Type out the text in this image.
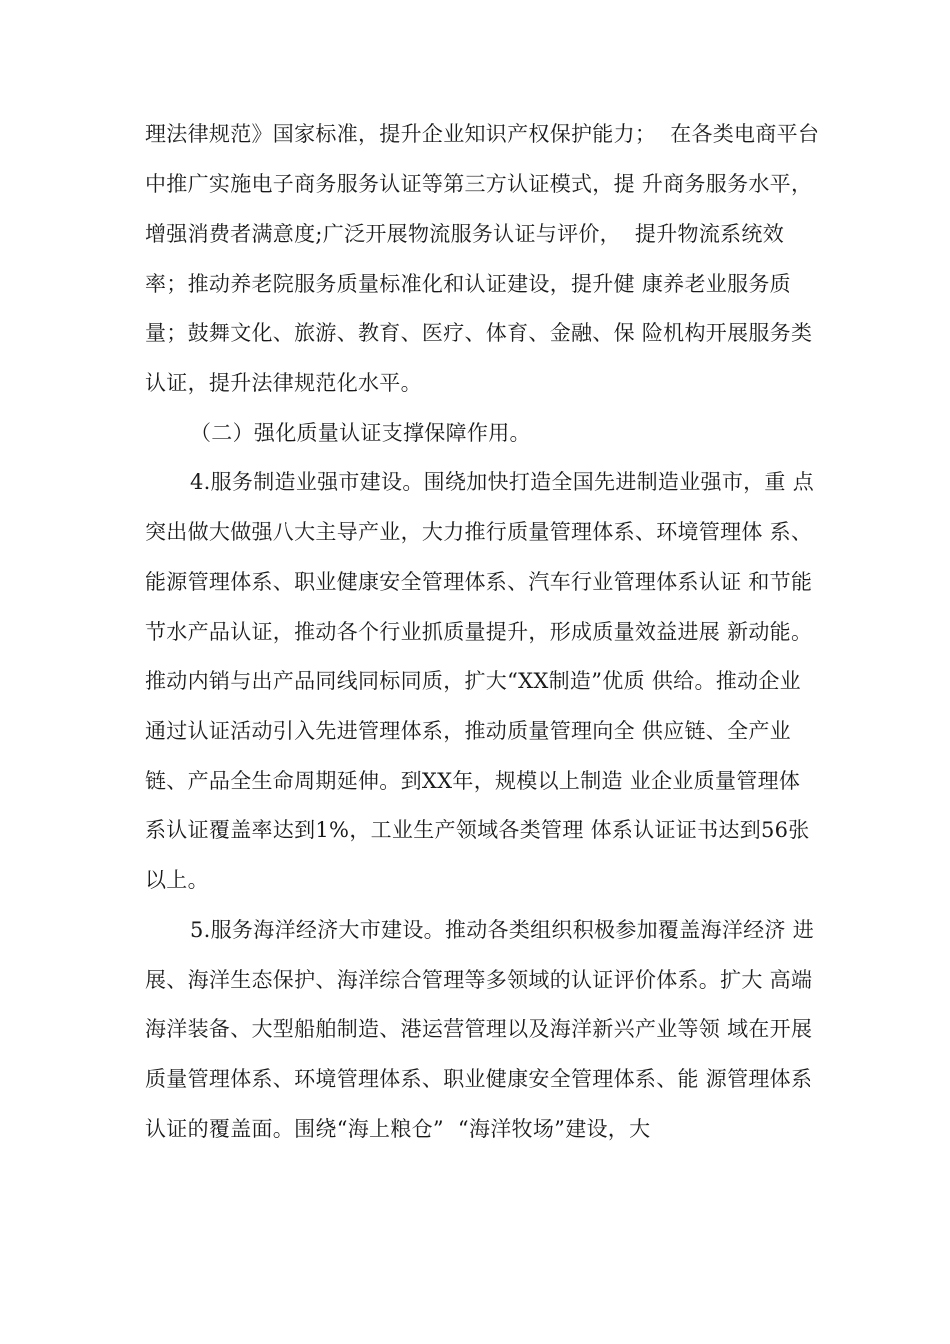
理法律规范》国家标准，提升企业知识产权保护能力；  在各类电商平台
中推广实施电子商务服务认证等第三方认证模式，提 升商务服务水平，
增强消费者满意度;广泛开展物流服务认证与评价，  提升物流系统效
率；推动养老院服务质量标准化和认证建设，提升健 康养老业服务质
量；鼓舞文化、旅游、教育、医疗、体育、金融、保 险机构开展服务类
认证，提升法律规范化水平。
（二）强化质量认证支撑保障作用。
4.服务制造业强市建设。围绕加快打造全国先进制造业强市，重 点
突出做大做强八大主导产业，大力推行质量管理体系、环境管理体 系、
能源管理体系、职业健康安全管理体系、汽车行业管理体系认证 和节能
节水产品认证，推动各个行业抓质量提升，形成质量效益进展 新动能。
推动内销与出产品同线同标同质，扩大“XX制造”优质 供给。推动企业
通过认证活动引入先进管理体系，推动质量管理向全 供应链、全产业
链、产品全生命周期延伸。到XX年，规模以上制造 业企业质量管理体
系认证覆盖率达到1%，工业生产领域各类管理 体系认证证书达到56张
以上。
5.服务海洋经济大市建设。推动各类组织积极参加覆盖海洋经济 进
展、海洋生态保护、海洋综合管理等多领域的认证评价体系。扩大 高端
海洋装备、大型船舶制造、港运营管理以及海洋新兴产业等领 域在开展
质量管理体系、环境管理体系、职业健康安全管理体系、能 源管理体系
认证的覆盖面。围绕“海上粮仓”  “海洋牧场”建设，大
